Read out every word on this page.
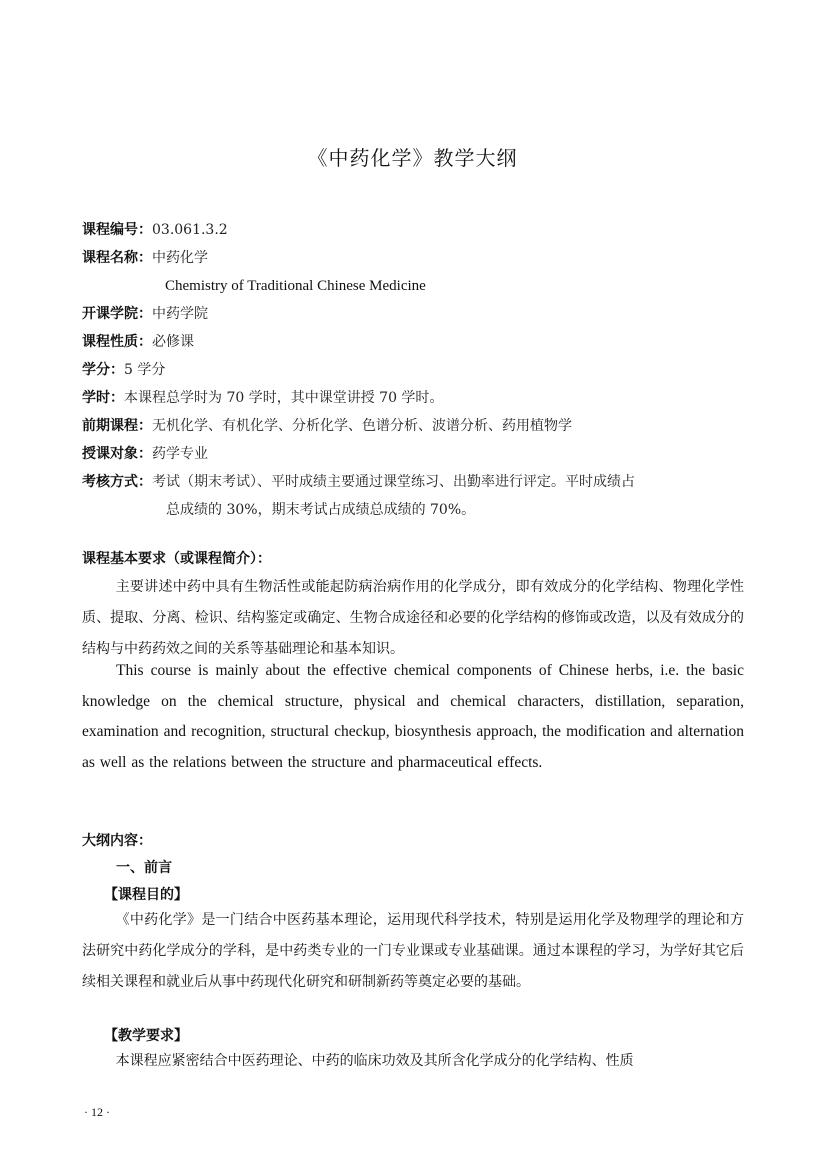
《中药化学》教学大纲
课程编号：03.061.3.2
课程名称：中药化学
Chemistry of Traditional Chinese Medicine
开课学院：中药学院
课程性质：必修课
学分：5 学分
学时：本课程总学时为 70 学时，其中课堂讲授 70 学时。
前期课程：无机化学、有机化学、分析化学、色谱分析、波谱分析、药用植物学
授课对象：药学专业
考核方式：考试（期末考试）、平时成绩主要通过课堂练习、出勤率进行评定。平时成绩占
总成绩的 30%，期末考试占成绩总成绩的 70%。
课程基本要求（或课程简介）：
主要讲述中药中具有生物活性或能起防病治病作用的化学成分，即有效成分的化学结构、物理化学性质、提取、分离、检识、结构鉴定或确定、生物合成途径和必要的化学结构的修饰或改造，以及有效成分的结构与中药药效之间的关系等基础理论和基本知识。
This course is mainly about the effective chemical components of Chinese herbs, i.e. the basic knowledge on the chemical structure, physical and chemical characters, distillation, separation, examination and recognition, structural checkup, biosynthesis approach, the modification and alternation as well as the relations between the structure and pharmaceutical effects.
大纲内容：
一、前言
【课程目的】
《中药化学》是一门结合中医药基本理论，运用现代科学技术，特别是运用化学及物理学的理论和方法研究中药化学成分的学科，是中药类专业的一门专业课或专业基础课。通过本课程的学习，为学好其它后续相关课程和就业后从事中药现代化研究和研制新药等奠定必要的基础。
【教学要求】
本课程应紧密结合中医药理论、中药的临床功效及其所含化学成分的化学结构、性质
· 12 ·
